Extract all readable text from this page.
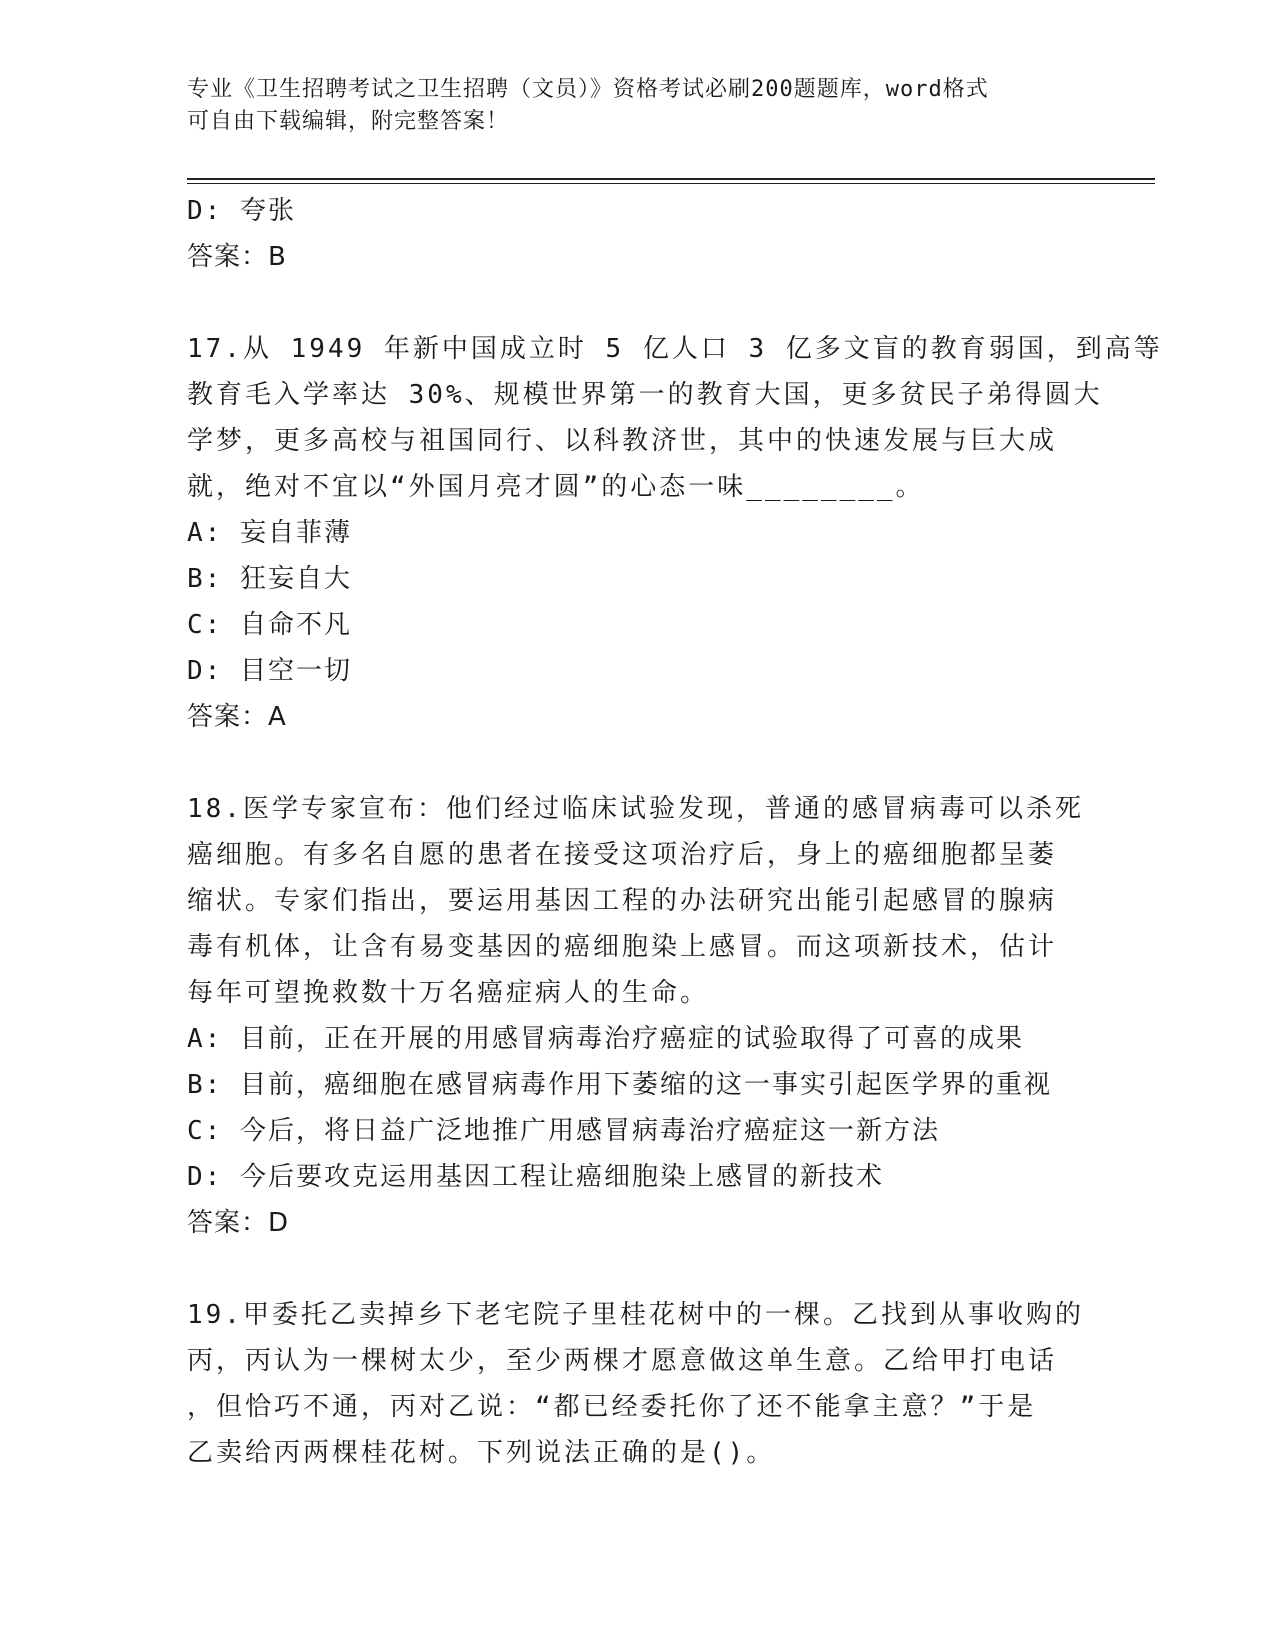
专业《卫生招聘考试之卫生招聘（文员）》资格考试必刷200题题库，word格式
可自由下载编辑，附完整答案！
D: 夸张
答案：B
17.从 1949 年新中国成立时 5 亿人口 3 亿多文盲的教育弱国，到高等
教育毛入学率达 30%、规模世界第一的教育大国，更多贫民子弟得圆大
学梦，更多高校与祖国同行、以科教济世，其中的快速发展与巨大成
就，绝对不宜以“外国月亮才圆”的心态一味________。
A: 妄自菲薄
B: 狂妄自大
C: 自命不凡
D: 目空一切
答案：A
18.医学专家宣布：他们经过临床试验发现，普通的感冒病毒可以杀死
癌细胞。有多名自愿的患者在接受这项治疗后，身上的癌细胞都呈萎
缩状。专家们指出，要运用基因工程的办法研究出能引起感冒的腺病
毒有机体，让含有易变基因的癌细胞染上感冒。而这项新技术，估计
每年可望挽救数十万名癌症病人的生命。
A: 目前，正在开展的用感冒病毒治疗癌症的试验取得了可喜的成果
B: 目前，癌细胞在感冒病毒作用下萎缩的这一事实引起医学界的重视
C: 今后，将日益广泛地推广用感冒病毒治疗癌症这一新方法
D: 今后要攻克运用基因工程让癌细胞染上感冒的新技术
答案：D
19.甲委托乙卖掉乡下老宅院子里桂花树中的一棵。乙找到从事收购的
丙，丙认为一棵树太少，至少两棵才愿意做这单生意。乙给甲打电话
，但恰巧不通，丙对乙说：“都已经委托你了还不能拿主意？”于是
乙卖给丙两棵桂花树。下列说法正确的是()。
